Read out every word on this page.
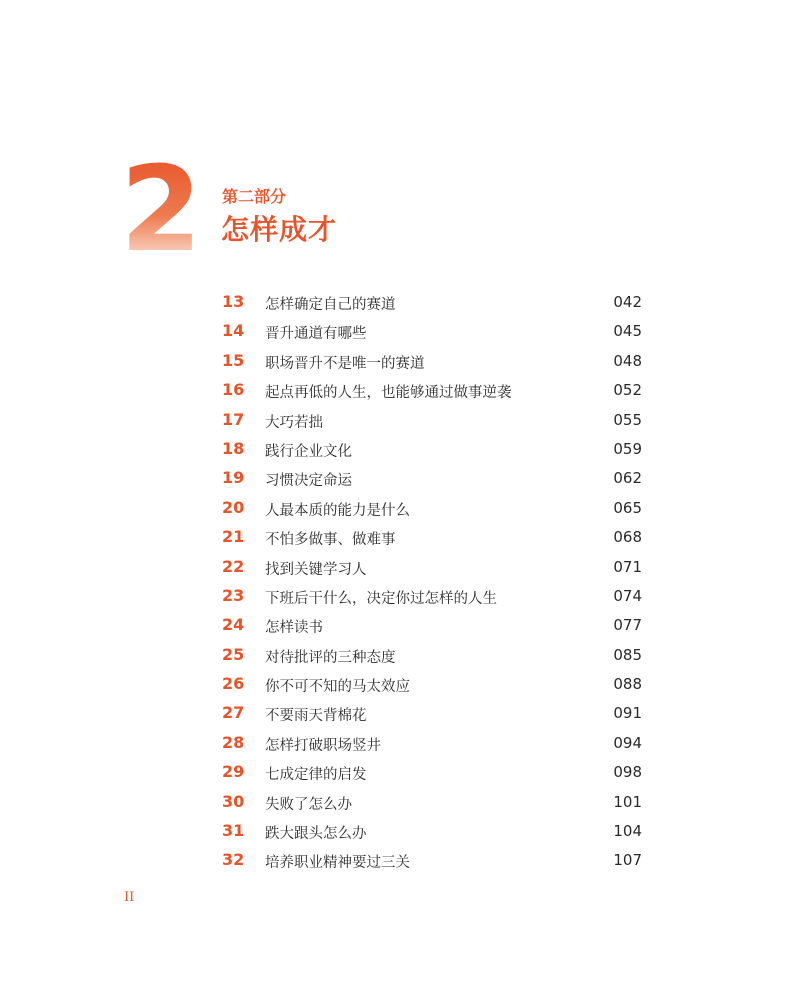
2 第二部分
怎样成才
13	怎样确定自己的赛道	042
14	晋升通道有哪些	045
15	职场晋升不是唯一的赛道	048
16	起点再低的人生，也能够通过做事逆袭	052
17	大巧若拙	055
18	践行企业文化	059
19	习惯决定命运	062
20	人最本质的能力是什么	065
21	不怕多做事、做难事	068
22	找到关键学习人	071
23	下班后干什么，决定你过怎样的人生	074
24	怎样读书	077
25	对待批评的三种态度	085
26	你不可不知的马太效应	088
27	不要雨天背棉花	091
28	怎样打破职场竖井	094
29	七成定律的启发	098
30	失败了怎么办	101
31	跌大跟头怎么办	104
32	培养职业精神要过三关	107
II
